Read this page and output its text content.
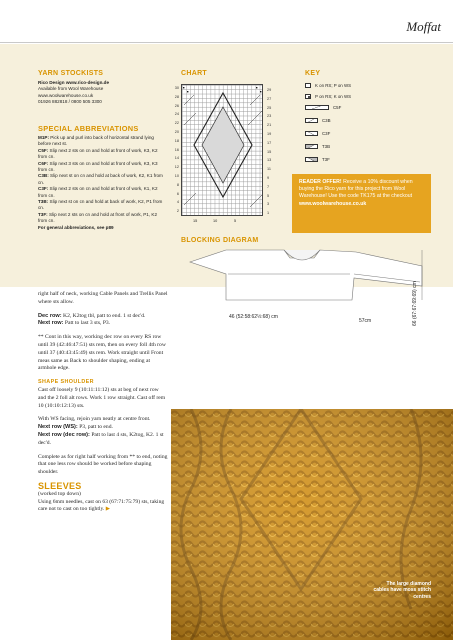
Moffat
YARN STOCKISTS
Rico Design www.rico-design.de
Available from Wool Warehouse
www.woolwarehouse.co.uk
01926 882818 / 0800 505 3300
SPECIAL ABBREVIATIONS

M1P: Pick up and purl into back of horizontal strand lying before next st.

C5F: Slip next 2 sts on cn and hold at front of work, K3, K2 from cn.

C6F: Slip next 3 sts on cn and hold at front of work, K3, K3 from cn.

C3B: Slip next st on cn and hold at back of work, K2, K1 from cn.

C3F: Slip next 2 sts on cn and hold at front of work, K1, K2 from cn.

T3B: Slip next st on cn and hold at back of work, K2, P1 from cn.

T3F: Slip next 2 sts on cn and hold at front of work, P1, K2 from cn.

For general abbreviations, see p89

CHART
30
28
26
24
22
20
18
16
14
12
10
8
6
4
2
29
27
25
23
21
19
17
15
13
11
9
7
5
3
1
15	10	5
KEY
K on RS; P on WS
P on RS; K on WS
C5F
C3B
C3F
T3B
T3F
READER OFFER! Receive a 10% discount when buying the Rico yarn for this project from Wool Warehouse! Use the code TK175 at the checkout
www.woolwarehouse.co.uk
BLOCKING DIAGRAM
46 (52:58:62½:68) cm
57cm	66 (67:67:69:69) cm

right half of neck, working Cable Panels and Trellis Panel where sts allow.

Dec row: K2, K2tog tbl, patt to end. 1 st dec'd.
Next row: Patt to last 3 sts, P3.

** Cont in this way, working dec row on every RS row until 39 (42:46:47:51) sts rem, then on every foll 4th row until 37 (40:43:45:49) sts rem. Work straight until Front meas same as Back to shoulder shaping, ending at armhole edge.

SHAPE SHOULDER

Cast off loosely 9 (10:11:11:12) sts at beg of next row and the 2 foll alt rows. Work 1 row straight. Cast off rem 10 (10:10:12:13) sts.

With WS facing, rejoin yarn neatly at centre front.
Next row (WS): P3, patt to end.
Next row (dec row): Patt to last 4 sts, K2tog, K2. 1 st dec'd.

Complete as for right half working from ** to end, noting that one less row should be worked before shaping shoulder.

SLEEVES
(worked top down)

Using 6mm needles, cast on 63 (67:71:75:79) sts, taking care not to cast on too tightly. ▶

The large diamond cables have moss stitch centres
